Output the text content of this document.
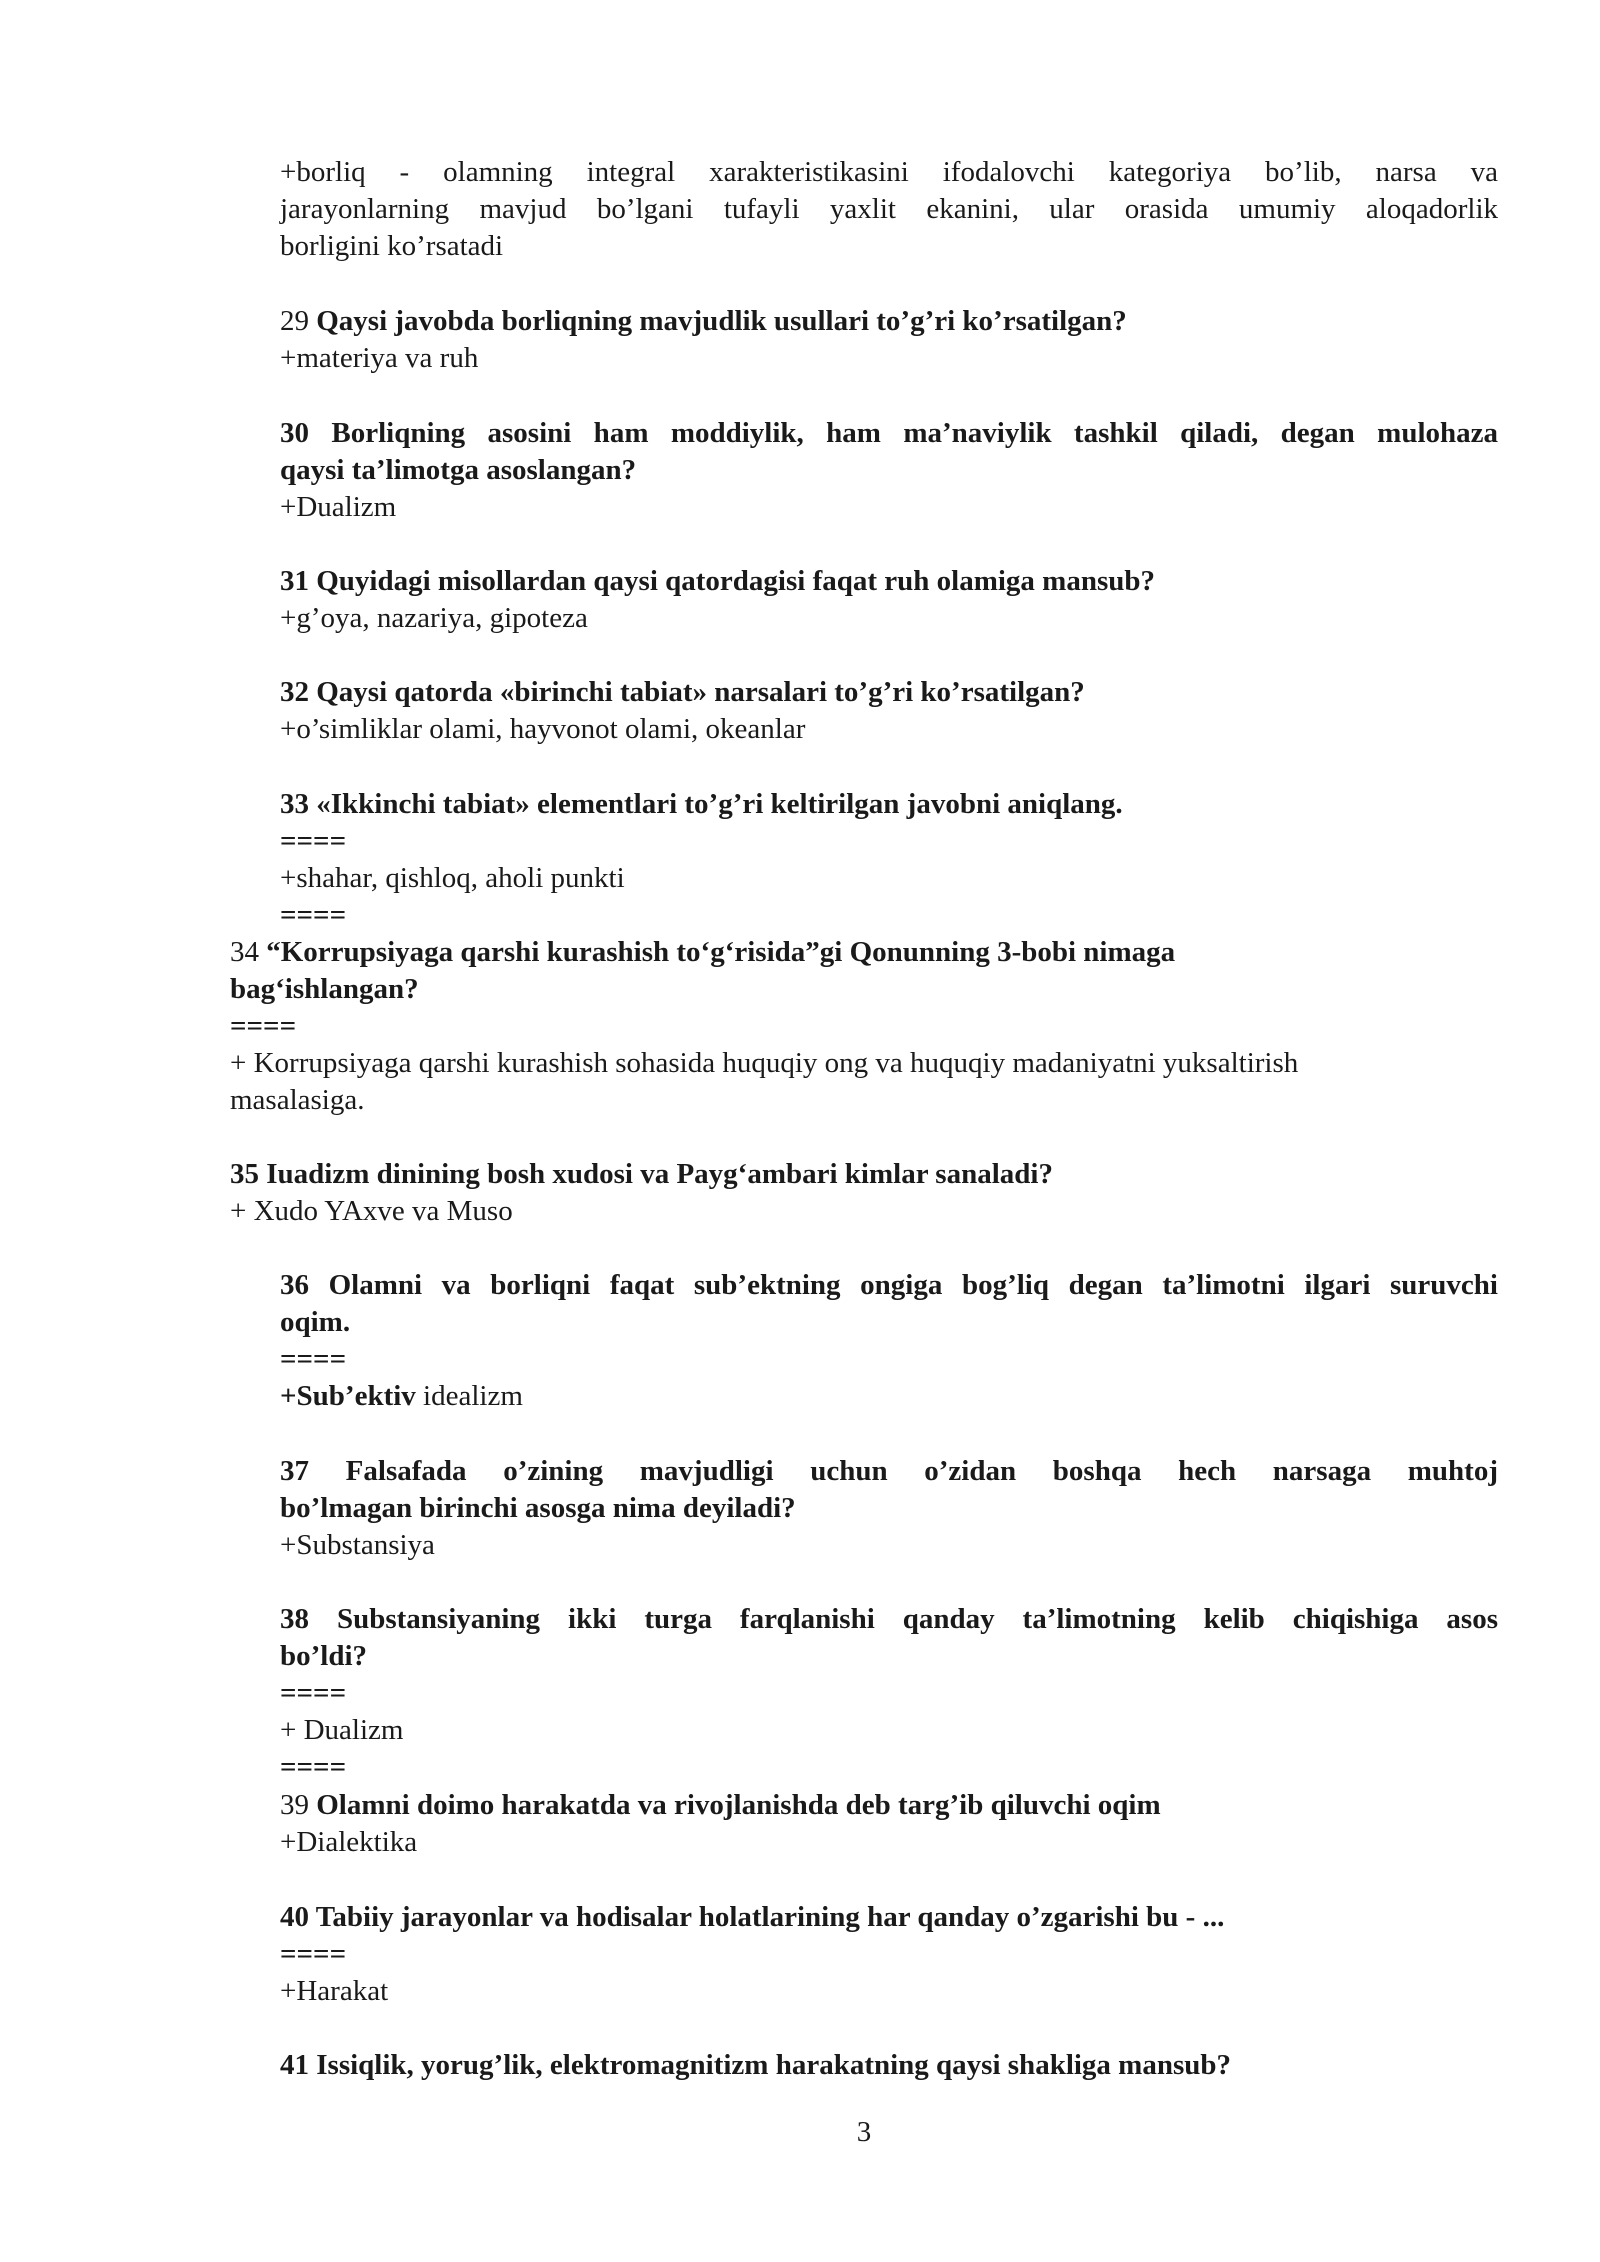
+borliq - olamning integral xarakteristikasini ifodalovchi kategoriya bo’lib, narsa va
jarayonlarning mavjud bo’lgani tufayli yaxlit ekanini, ular orasida umumiy aloqadorlik
borligini ko’rsatadi
29 Qaysi javobda borliqning mavjudlik usullari to’g’ri ko’rsatilgan?
+materiya va ruh
30 Borliqning asosini ham moddiylik, ham ma’naviylik tashkil qiladi, degan mulohaza
qaysi ta’limotga asoslangan?
+Dualizm
31 Quyidagi misollardan qaysi qatordagisi faqat ruh olamiga mansub?
+g’oya, nazariya, gipoteza
32 Qaysi qatorda «birinchi tabiat» narsalari to’g’ri ko’rsatilgan?
+o’simliklar olami, hayvonot olami, okeanlar
33 «Ikkinchi tabiat» elementlari to’g’ri keltirilgan javobni aniqlang.
====
+shahar, qishloq, aholi punkti
====
34 “Korrupsiyaga qarshi kurashish to‘g‘risida”gi Qonunning 3-bobi nimaga
bag‘ishlangan?
====
+ Korrupsiyaga qarshi kurashish sohasida huquqiy ong va huquqiy madaniyatni yuksaltirish
masalasiga.
35 Iuadizm dinining bosh xudosi va Payg‘ambari kimlar sanaladi?
+ Xudo YAxve va Muso
36 Olamni va borliqni faqat sub’ektning ongiga bog’liq degan ta’limotni ilgari suruvchi
oqim.
====
+Sub’ektiv idealizm
37 Falsafada o’zining mavjudligi uchun o’zidan boshqa hech narsaga muhtoj
bo’lmagan birinchi asosga nima deyiladi?
+Substansiya
38 Substansiyaning ikki turga farqlanishi qanday ta’limotning kelib chiqishiga asos
bo’ldi?
====
+ Dualizm
====
39 Olamni doimo harakatda va rivojlanishda deb targ’ib qiluvchi oqim
+Dialektika
40 Tabiiy jarayonlar va hodisalar holatlarining har qanday o’zgarishi bu - ...
====
+Harakat
41 Issiqlik, yorug’lik, elektromagnitizm harakatning qaysi shakliga mansub?
3
